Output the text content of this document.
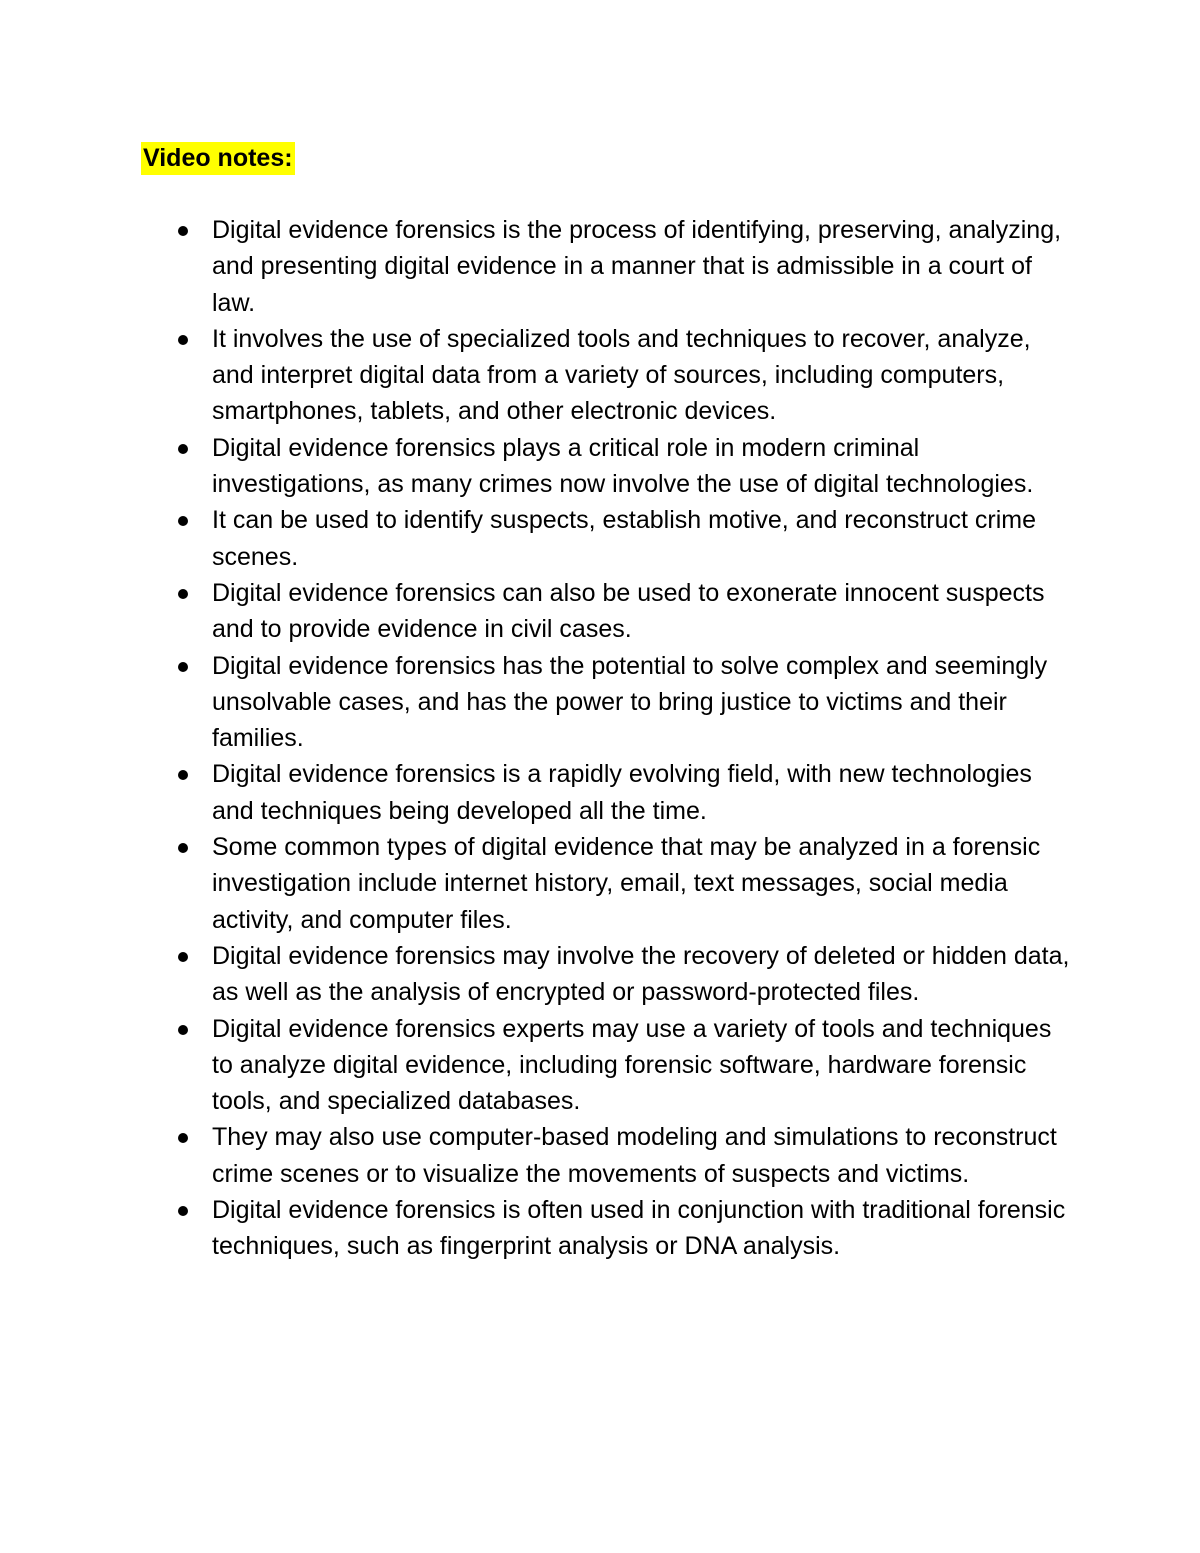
Video notes:
Digital evidence forensics is the process of identifying, preserving, analyzing, and presenting digital evidence in a manner that is admissible in a court of law.
It involves the use of specialized tools and techniques to recover, analyze, and interpret digital data from a variety of sources, including computers, smartphones, tablets, and other electronic devices.
Digital evidence forensics plays a critical role in modern criminal investigations, as many crimes now involve the use of digital technologies.
It can be used to identify suspects, establish motive, and reconstruct crime scenes.
Digital evidence forensics can also be used to exonerate innocent suspects and to provide evidence in civil cases.
Digital evidence forensics has the potential to solve complex and seemingly unsolvable cases, and has the power to bring justice to victims and their families.
Digital evidence forensics is a rapidly evolving field, with new technologies and techniques being developed all the time.
Some common types of digital evidence that may be analyzed in a forensic investigation include internet history, email, text messages, social media activity, and computer files.
Digital evidence forensics may involve the recovery of deleted or hidden data, as well as the analysis of encrypted or password-protected files.
Digital evidence forensics experts may use a variety of tools and techniques to analyze digital evidence, including forensic software, hardware forensic tools, and specialized databases.
They may also use computer-based modeling and simulations to reconstruct crime scenes or to visualize the movements of suspects and victims.
Digital evidence forensics is often used in conjunction with traditional forensic techniques, such as fingerprint analysis or DNA analysis.
